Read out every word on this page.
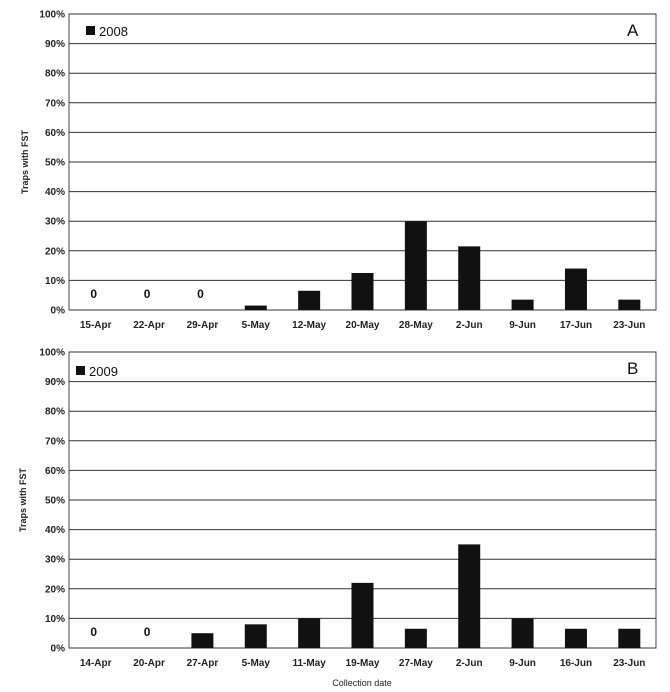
0%
10%
20%
30%
40%
50%
60%
70%
80%
90%
100%
15-Apr 22-Apr 29-Apr 5-May 12-May 20-May 28-May 2-Jun	9-Jun 17-Jun 23-Jun
0	0	0
2008	A
Traps with FST
0%
10%
20%
30%
40%
50%
60%
70%
80%
90%
100%
14-Apr 20-Apr 27-Apr 5-May 11-May 19-May 27-May 2-Jun	9-Jun 16-Jun 23-Jun
0	0
2009	B
Traps with FST
Collection date
